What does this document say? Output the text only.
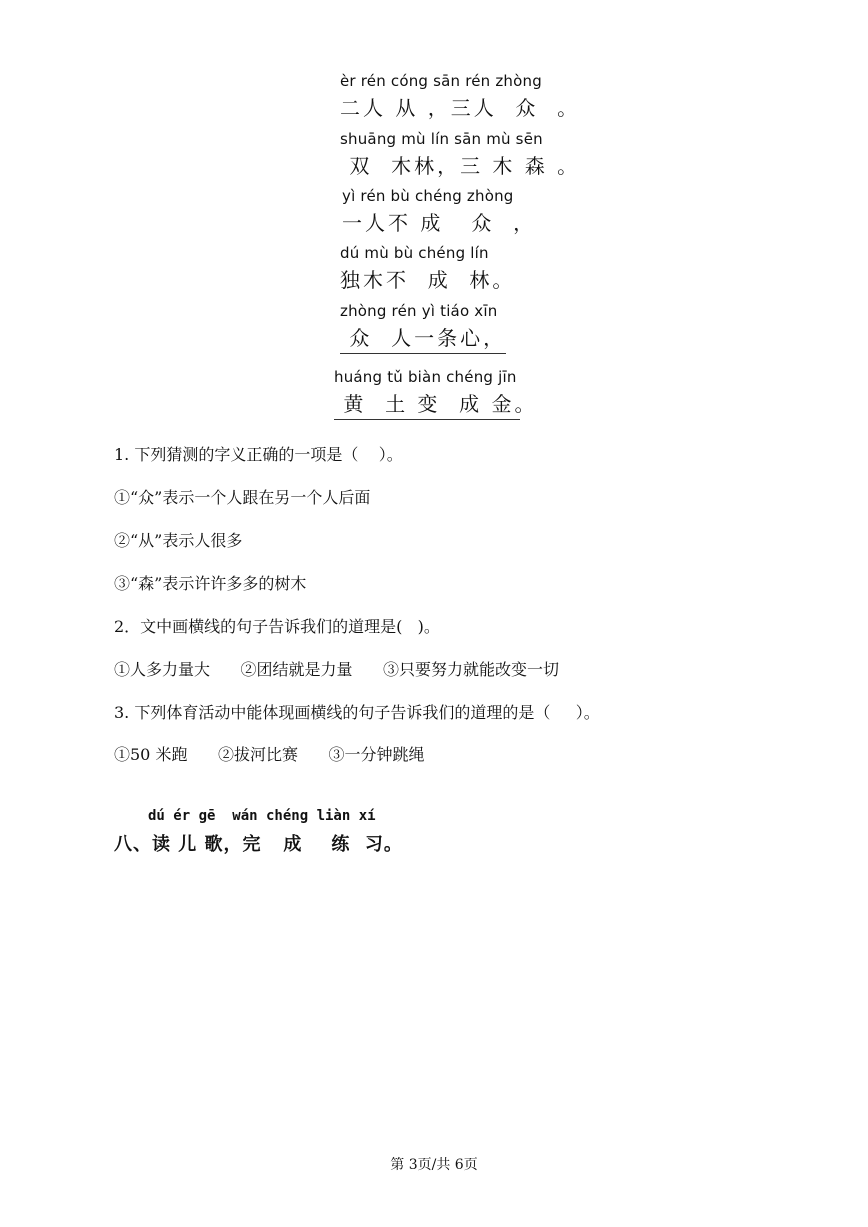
èr rén cóng sān rén zhòng
二人 从 ，三人  众  。
shuāng mù lín sān mù sēn
双  木林，三 木 森 。
yì rén bù chéng zhòng
一人不 成   众  ，
dú mù bù chéng lín
独木不  成  林。
zhòng rén yì tiáo xīn
众  人一条心，
huáng tǔ biàn chéng jīn
黄  土 变  成 金。
1. 下列猜测的字义正确的一项是（    ）。
①“众”表示一个人跟在另一个人后面
②“从”表示人很多
③“森”表示许许多多的树木
2．文中画横线的句子告诉我们的道理是(   )。
①人多力量大      ②团结就是力量      ③只要努力就能改变一切
3. 下列体育活动中能体现画横线的句子告诉我们的道理的是（     ）。
①50 米跑      ②拔河比赛      ③一分钟跳绳
dú ér gē  wán chéng liàn xí
八、读 儿 歌，完   成    练  习。
第 3页/共 6页
